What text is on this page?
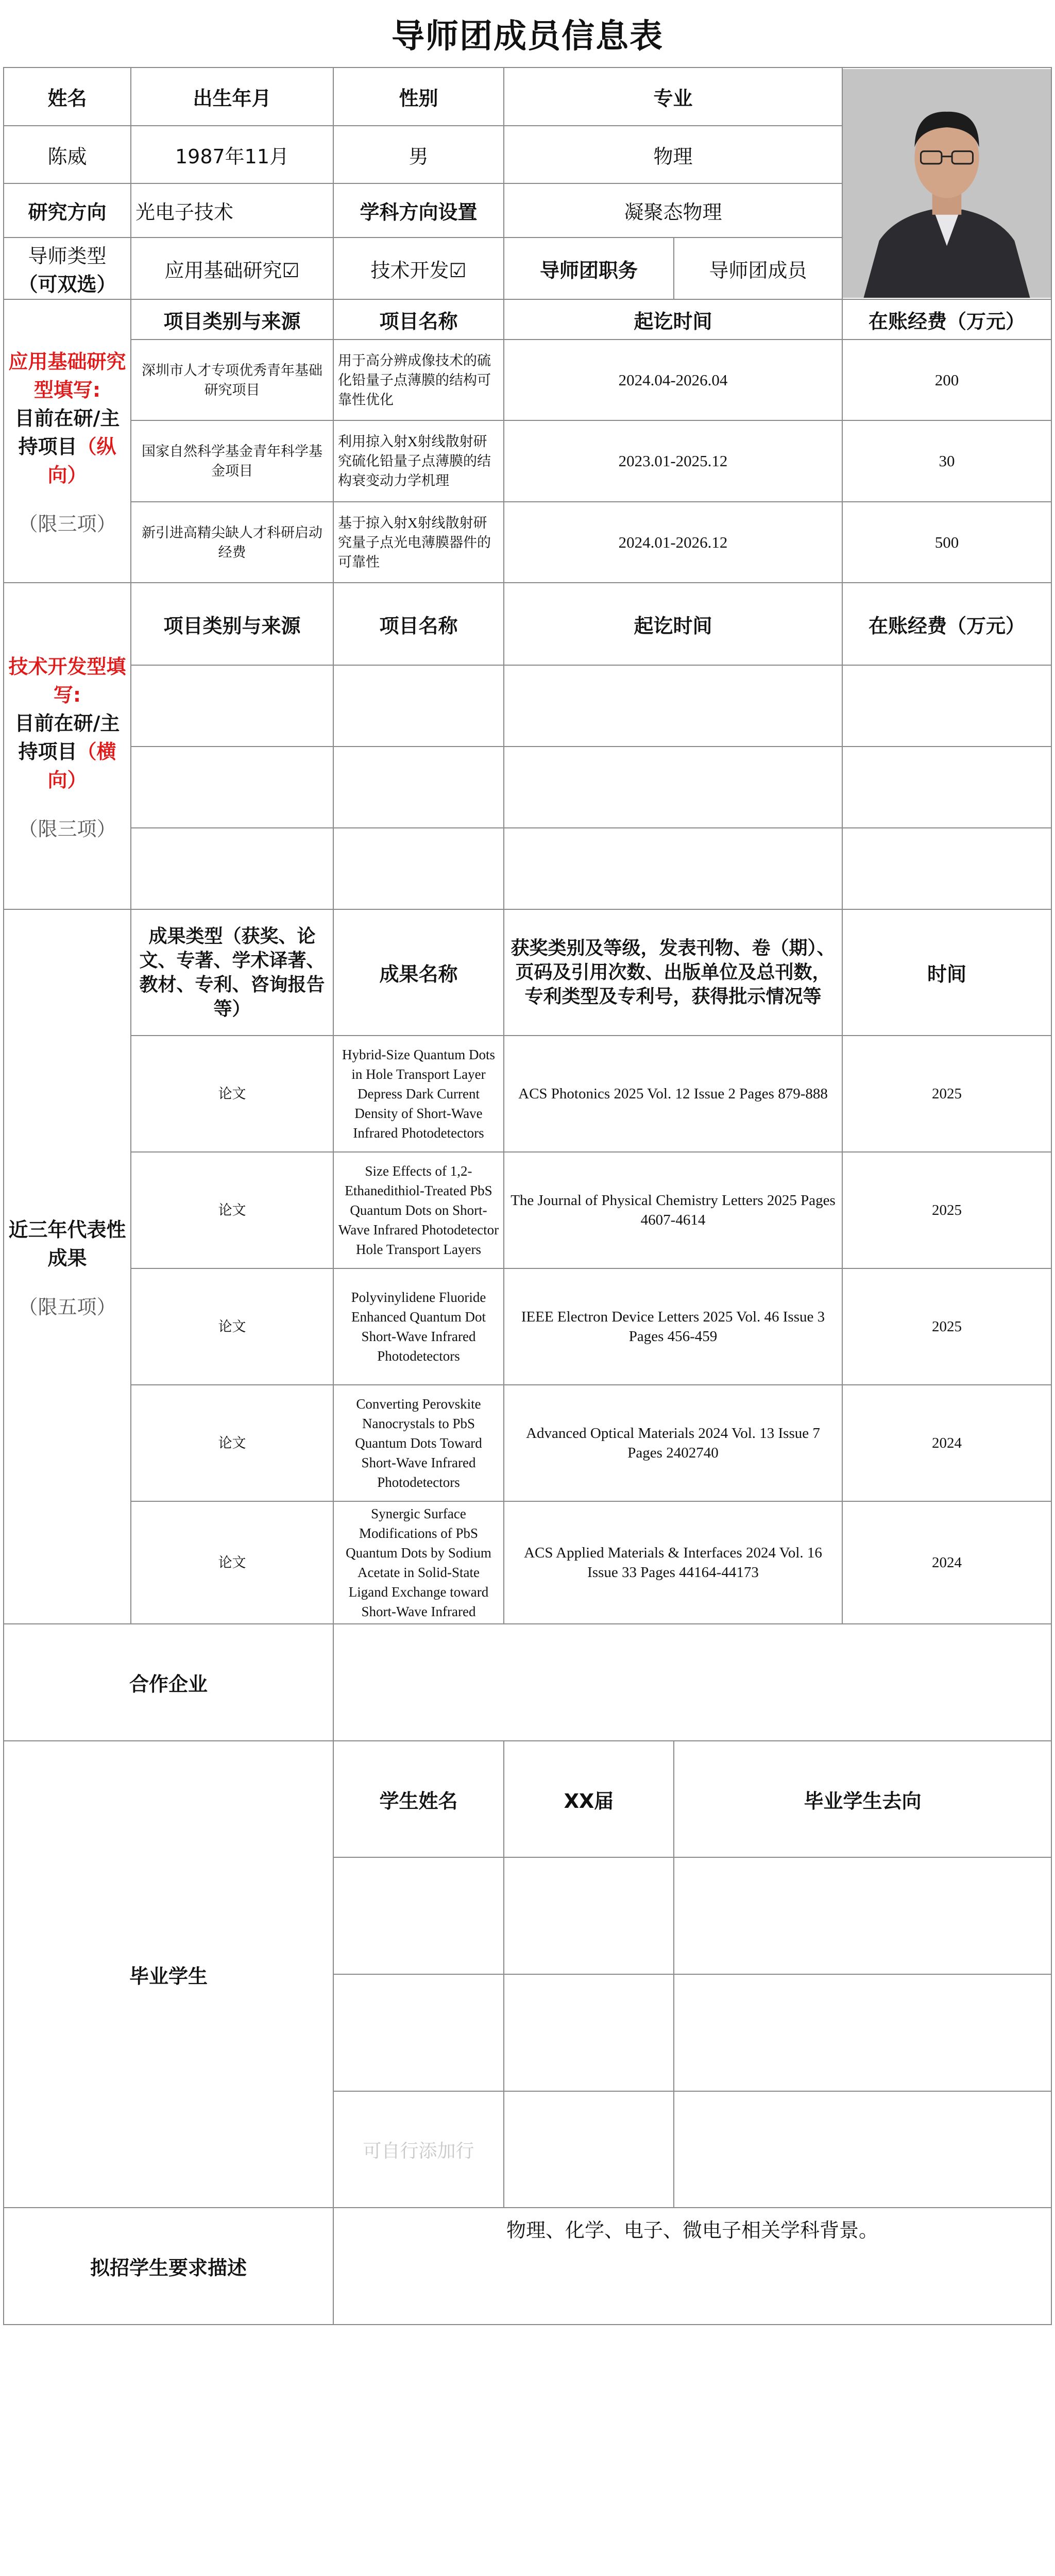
导师团成员信息表
姓名	出生年月	性别	专业	

陈威	1987年11月	男	物理		
研究方向	光电子技术	学科方向设置	凝聚态物理		

导师类型
（可双选）	应用基础研究☑	技术开发☑	导师团职务	导师团成员	

应用基础研究型填写:
目前在研/主持项目（纵向）
（限三项）	项目类别与来源	项目名称	起讫时间		在账经费（万元）
	深圳市人才专项优秀青年基础研究项目	用于高分辨成像技术的硫化铅量子点薄膜的结构可靠性优化	2024.04-2026.04		200
	国家自然科学基金青年科学基金项目	利用掠入射X射线散射研究硫化铅量子点薄膜的结构衰变动力学机理	2023.01-2025.12		30
	新引进高精尖缺人才科研启动经费	基于掠入射X射线散射研究量子点光电薄膜器件的可靠性	2024.01-2026.12		500

技术开发型填写:
目前在研/主持项目（横向）
（限三项）	项目类别与来源	项目名称	起讫时间		在账经费（万元）

近三年代表性成果
（限五项）	成果类型（获奖、论文、专著、学术译著、教材、专利、咨询报告等）	成果名称	获奖类别及等级，发表刊物、卷（期）、页码及引用次数、出版单位及总刊数，专利类型及专利号，获得批示情况等		时间
	论文	Hybrid-Size Quantum Dots in Hole Transport Layer Depress Dark Current Density of Short-Wave Infrared Photodetectors	ACS Photonics 2025 Vol. 12 Issue 2 Pages 879-888		2025
	论文	Size Effects of 1,2-Ethanedithiol-Treated PbS Quantum Dots on Short-Wave Infrared Photodetector Hole Transport Layers	The Journal of Physical Chemistry Letters 2025 Pages 4607-4614		2025
	论文	Polyvinylidene Fluoride Enhanced Quantum Dot Short-Wave Infrared Photodetectors	IEEE Electron Device Letters 2025 Vol. 46 Issue 3 Pages 456-459		2025
	论文	Converting Perovskite Nanocrystals to PbS Quantum Dots Toward Short‐Wave Infrared Photodetectors	Advanced Optical Materials 2024 Vol. 13 Issue 7 Pages 2402740		2024
	论文	Synergic Surface Modifications of PbS Quantum Dots by Sodium Acetate in Solid-State Ligand Exchange toward Short-Wave Infrared	ACS Applied Materials & Interfaces 2024 Vol. 16 Issue 33 Pages 44164-44173		2024
合作企业					
毕业学生		学生姓名	XX届	毕业学生去向	

		可自行添加行			
拟招学生要求描述		物理、化学、电子、微电子相关学科背景。			
